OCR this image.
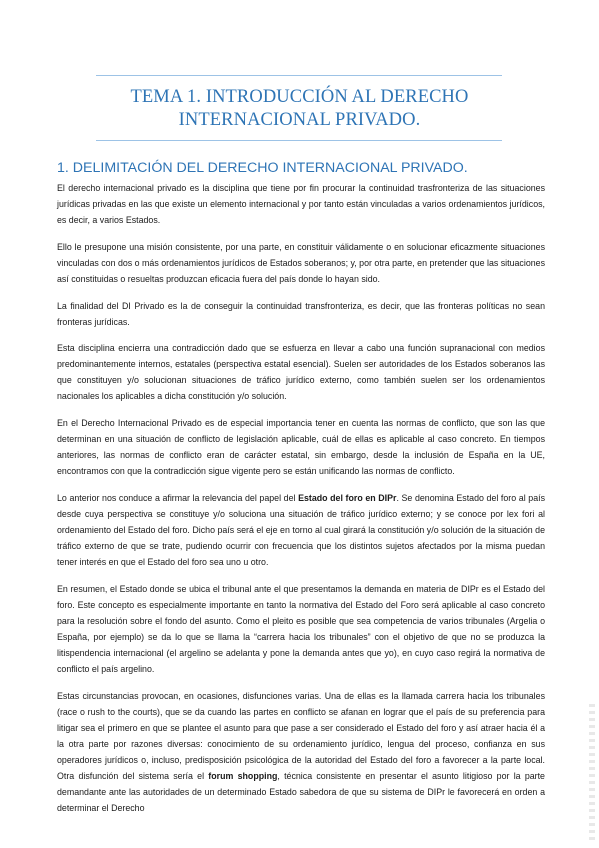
TEMA 1. INTRODUCCIÓN AL DERECHO
INTERNACIONAL PRIVADO.
1. DELIMITACIÓN DEL DERECHO INTERNACIONAL PRIVADO.

El derecho internacional privado es la disciplina que tiene por fin procurar la continuidad trasfronteriza de las situaciones jurídicas privadas en las que existe un elemento internacional y por tanto están vinculadas a varios ordenamientos jurídicos, es decir, a varios Estados.

Ello le presupone una misión consistente, por una parte, en constituir válidamente o en solucionar eficazmente situaciones vinculadas con dos o más ordenamientos jurídicos de Estados soberanos; y, por otra parte, en pretender que las situaciones así constituidas o resueltas produzcan eficacia fuera del país donde lo hayan sido.

La finalidad del DI Privado es la de conseguir la continuidad transfronteriza, es decir, que las fronteras políticas no sean fronteras jurídicas.

Esta disciplina encierra una contradicción dado que se esfuerza en llevar a cabo una función supranacional con medios predominantemente internos, estatales (perspectiva estatal esencial). Suelen ser autoridades de los Estados soberanos las que constituyen y/o solucionan situaciones de tráfico jurídico externo, como también suelen ser los ordenamientos nacionales los aplicables a dicha constitución y/o solución.

En el Derecho Internacional Privado es de especial importancia tener en cuenta las normas de conflicto, que son las que determinan en una situación de conflicto de legislación aplicable, cuál de ellas es aplicable al caso concreto. En tiempos anteriores, las normas de conflicto eran de carácter estatal, sin embargo, desde la inclusión de España en la UE, encontramos con que la contradicción sigue vigente pero se están unificando las normas de conflicto.

Lo anterior nos conduce a afirmar la relevancia del papel del Estado del foro en DIPr. Se denomina Estado del foro al país desde cuya perspectiva se constituye y/o soluciona una situación de tráfico jurídico externo; y se conoce por lex fori al ordenamiento del Estado del foro. Dicho país será el eje en torno al cual girará la constitución y/o solución de la situación de tráfico externo de que se trate, pudiendo ocurrir con frecuencia que los distintos sujetos afectados por la misma puedan tener interés en que el Estado del foro sea uno u otro.

En resumen, el Estado donde se ubica el tribunal ante el que presentamos la demanda en materia de DIPr es el Estado del foro. Este concepto es especialmente importante en tanto la normativa del Estado del Foro será aplicable al caso concreto para la resolución sobre el fondo del asunto. Como el pleito es posible que sea competencia de varios tribunales (Argelia o España, por ejemplo) se da lo que se llama la “carrera hacia los tribunales” con el objetivo de que no se produzca la litispendencia internacional (el argelino se adelanta y pone la demanda antes que yo), en cuyo caso regirá la normativa de conflicto el país argelino.

Estas circunstancias provocan, en ocasiones, disfunciones varias. Una de ellas es la llamada carrera hacia los tribunales (race o rush to the courts), que se da cuando las partes en conflicto se afanan en lograr que el país de su preferencia para litigar sea el primero en que se plantee el asunto para que pase a ser considerado el Estado del foro y así atraer hacia él a la otra parte por razones diversas: conocimiento de su ordenamiento jurídico, lengua del proceso, confianza en sus operadores jurídicos o, incluso, predisposición psicológica de la autoridad del Estado del foro a favorecer a la parte local. Otra disfunción del sistema sería el forum shopping, técnica consistente en presentar el asunto litigioso por la parte demandante ante las autoridades de un determinado Estado sabedora de que su sistema de DIPr le favorecerá en orden a determinar el Derecho
